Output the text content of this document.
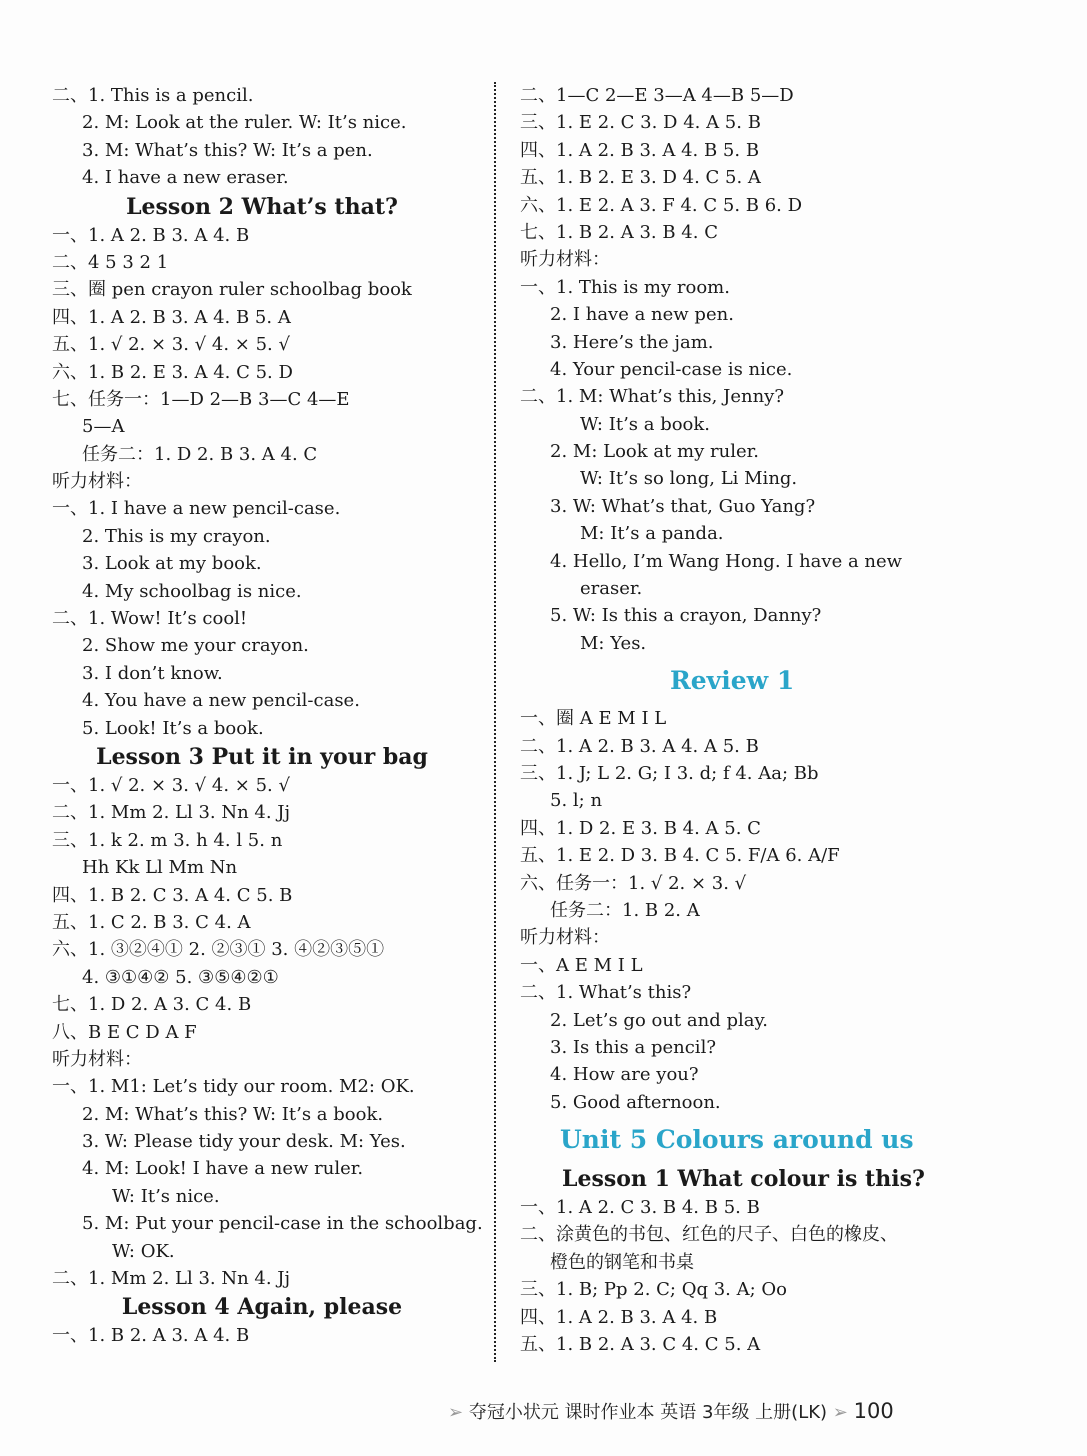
二、1. This is a pencil.
2. M: Look at the ruler. W: It’s nice.
3. M: What’s this? W: It’s a pen.
4. I have a new eraser.
Lesson 2 What’s that?
一、1. A 2. B 3. A 4. B
二、4 5 3 2 1
三、圈 pen crayon ruler schoolbag book
四、1. A 2. B 3. A 4. B 5. A
五、1. √ 2. × 3. √ 4. × 5. √
六、1. B 2. E 3. A 4. C 5. D
七、任务一：1—D 2—B 3—C 4—E
5—A
任务二：1. D 2. B 3. A 4. C
听力材料：
一、1. I have a new pencil-case.
2. This is my crayon.
3. Look at my book.
4. My schoolbag is nice.
二、1. Wow! It’s cool!
2. Show me your crayon.
3. I don’t know.
4. You have a new pencil-case.
5. Look! It’s a book.
Lesson 3 Put it in your bag
一、1. √ 2. × 3. √ 4. × 5. √
二、1. Mm 2. Ll 3. Nn 4. Jj
三、1. k 2. m 3. h 4. l 5. n
Hh Kk Ll Mm Nn
四、1. B 2. C 3. A 4. C 5. B
五、1. C 2. B 3. C 4. A
六、1. ③②④① 2. ②③① 3. ④②③⑤①
4. ③①④② 5. ③⑤④②①
七、1. D 2. A 3. C 4. B
八、B E C D A F
听力材料：
一、1. M1: Let’s tidy our room. M2: OK.
2. M: What’s this? W: It’s a book.
3. W: Please tidy your desk. M: Yes.
4. M: Look! I have a new ruler.
W: It’s nice.
5. M: Put your pencil-case in the schoolbag.
W: OK.
二、1. Mm 2. Ll 3. Nn 4. Jj
Lesson 4 Again, please
一、1. B 2. A 3. A 4. B
二、1—C 2—E 3—A 4—B 5—D
三、1. E 2. C 3. D 4. A 5. B
四、1. A 2. B 3. A 4. B 5. B
五、1. B 2. E 3. D 4. C 5. A
六、1. E 2. A 3. F 4. C 5. B 6. D
七、1. B 2. A 3. B 4. C
听力材料：
一、1. This is my room.
2. I have a new pen.
3. Here’s the jam.
4. Your pencil-case is nice.
二、1. M: What’s this, Jenny?
W: It’s a book.
2. M: Look at my ruler.
W: It’s so long, Li Ming.
3. W: What’s that, Guo Yang?
M: It’s a panda.
4. Hello, I’m Wang Hong. I have a new
eraser.
5. W: Is this a crayon, Danny?
M: Yes.
Review 1
一、圈 A E M I L
二、1. A 2. B 3. A 4. A 5. B
三、1. J; L 2. G; I 3. d; f 4. Aa; Bb
5. l; n
四、1. D 2. E 3. B 4. A 5. C
五、1. E 2. D 3. B 4. C 5. F/A 6. A/F
六、任务一：1. √ 2. × 3. √
任务二：1. B 2. A
听力材料：
一、A E M I L
二、1. What’s this?
2. Let’s go out and play.
3. Is this a pencil?
4. How are you?
5. Good afternoon.
Unit 5 Colours around us
Lesson 1 What colour is this?
一、1. A 2. C 3. B 4. B 5. B
二、涂黄色的书包、红色的尺子、白色的橡皮、
橙色的钢笔和书桌
三、1. B; Pp 2. C; Qq 3. A; Oo
四、1. A 2. B 3. A 4. B
五、1. B 2. A 3. C 4. C 5. A
➢ 夺冠小状元 课时作业本 英语 3年级 上册(LK) ➢ 100
